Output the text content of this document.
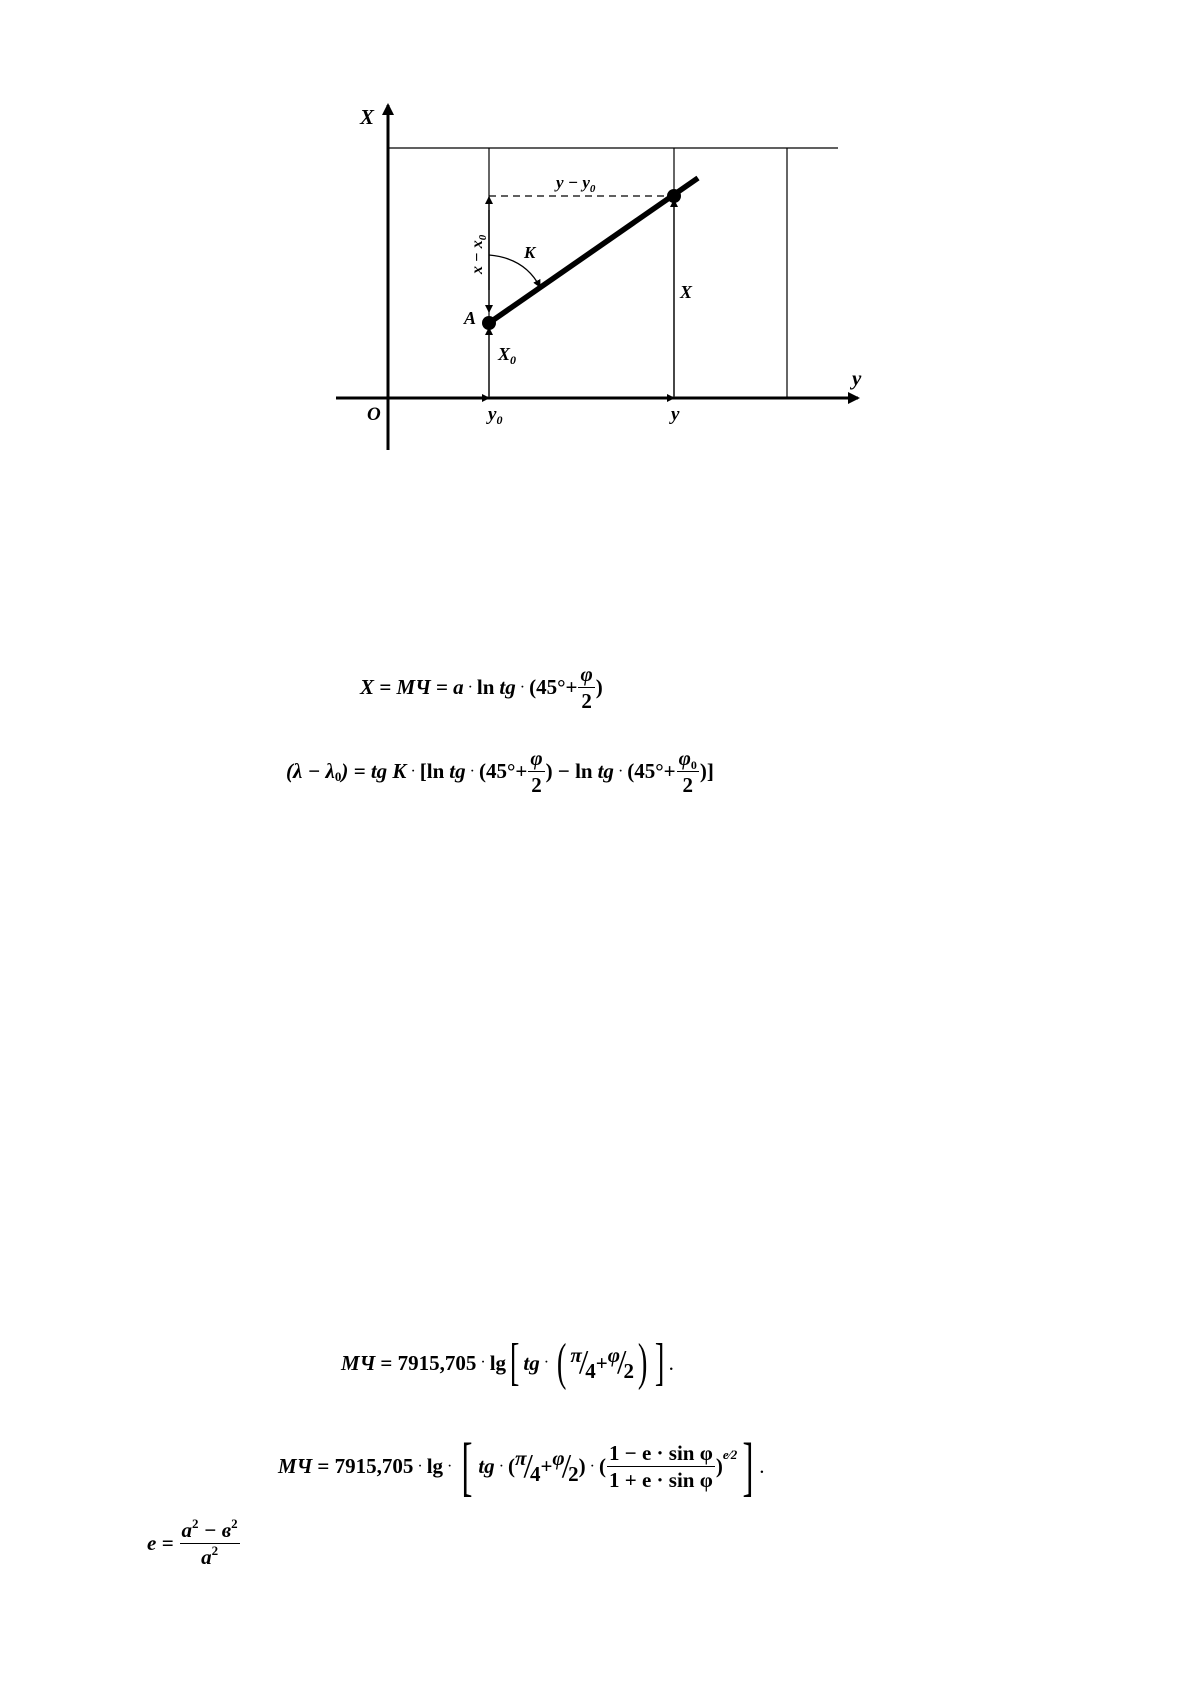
X
y
O
A
K
$x - x_0$
$y - y_0$
$X_0$
X
$y_0$	y
X = МЧ = a · ln tg · ($45^\circ+ \frac{\varphi}{2}$ )
(λ − λ 0 ) = tg K · [ln tg · ($45^\circ+ \frac{\varphi}{2}$ ) − ln tg · ($45^\circ+ \frac{\varphi 0}{2}$ )]
МЧ = 7915,705 · lg [ tg · ( π
/
4 + φ
/
2 ) ] .
МЧ = 7915,705 · lg · [ tg · ( π
/
4 + φ
/
2 ) · ( $\frac{\text{1 − e · sin φ}}{\text{1 + e · sin φ}}$ ) e⁄2 ] .
$e = \frac{a^2 - в^2}{a^2}$
